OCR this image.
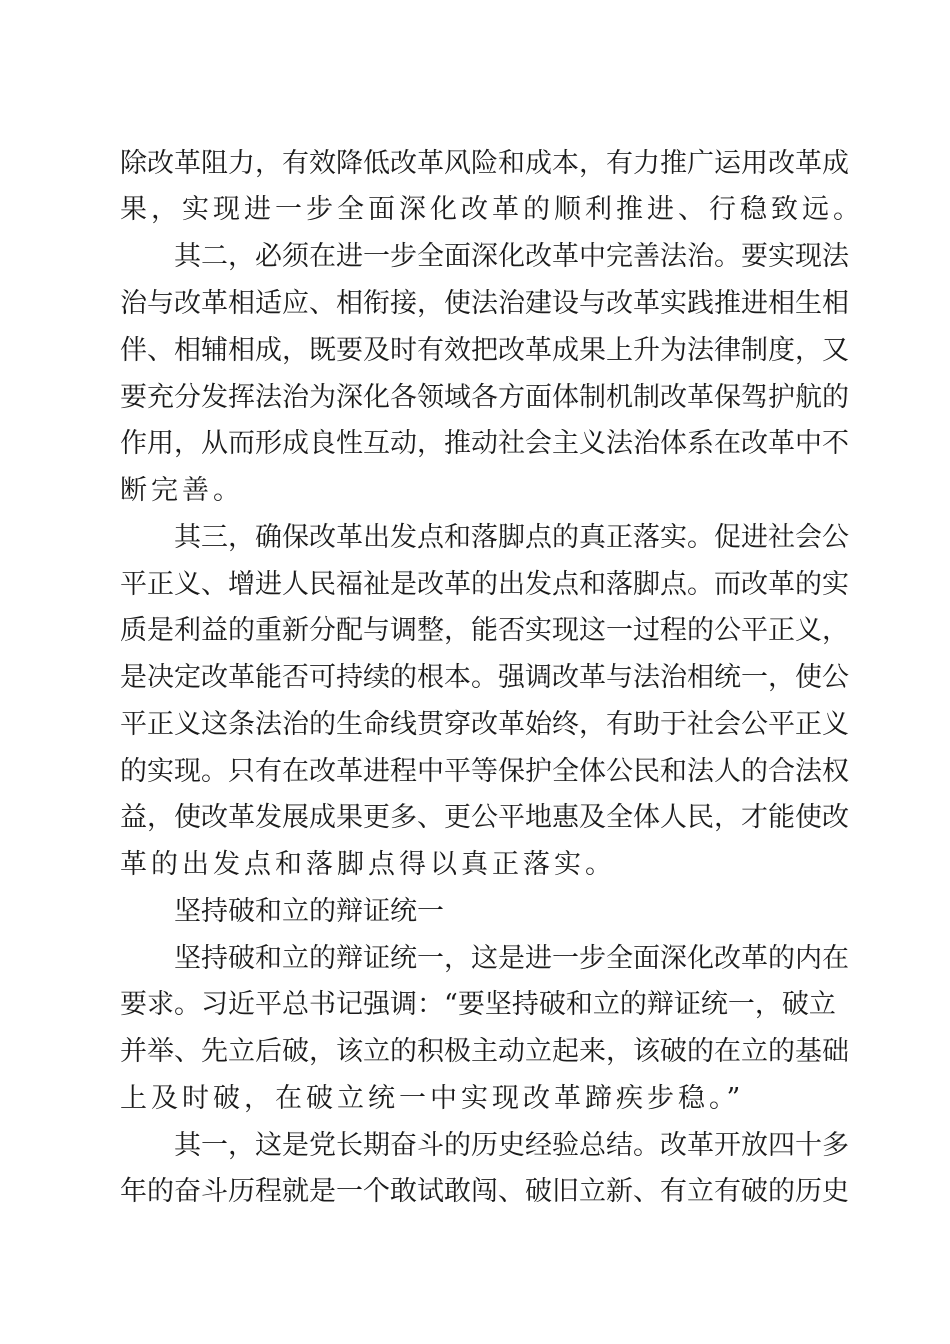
除 改 革 阻 力 ， 有 效 降 低 改 革 风 险 和 成 本 ， 有 力 推 广 运 用 改 革 成
果，实现进一步全面深化改革的顺利推进、行稳致远。
其 二 ， 必 须 在 进 一 步 全 面 深 化 改 革 中 完 善 法 治 。 要 实 现 法
治 与 改 革 相 适 应 、 相 衔 接 ， 使 法 治 建 设 与 改 革 实 践 推 进 相 生 相
伴 、 相 辅 相 成 ， 既 要 及 时 有 效 把 改 革 成 果 上 升 为 法 律 制 度 ， 又
要 充 分 发 挥 法 治 为 深 化 各 领 域 各 方 面 体 制 机 制 改 革 保 驾 护 航 的
作 用 ， 从 而 形 成 良 性 互 动 ， 推 动 社 会 主 义 法 治 体 系 在 改 革 中 不
断完善。
其 三 ， 确 保 改 革 出 发 点 和 落 脚 点 的 真 正 落 实 。 促 进 社 会 公
平 正 义 、 增 进 人 民 福 祉 是 改 革 的 出 发 点 和 落 脚 点 。 而 改 革 的 实
质 是 利 益 的 重 新 分 配 与 调 整 ， 能 否 实 现 这 一 过 程 的 公 平 正 义 ，
是 决 定 改 革 能 否 可 持 续 的 根 本 。 强 调 改 革 与 法 治 相 统 一 ， 使 公
平 正 义 这 条 法 治 的 生 命 线 贯 穿 改 革 始 终 ， 有 助 于 社 会 公 平 正 义
的 实 现 。 只 有 在 改 革 进 程 中 平 等 保 护 全 体 公 民 和 法 人 的 合 法 权
益 ， 使 改 革 发 展 成 果 更 多 、 更 公 平 地 惠 及 全 体 人 民 ， 才 能 使 改
革的出发点和落脚点得以真正落实。
坚持破和立的辩证统一
坚 持 破 和 立 的 辩 证 统 一 ， 这 是 进 一 步 全 面 深 化 改 革 的 内 在
要 求 。 习 近 平 总 书 记 强 调 ： “ 要 坚 持 破 和 立 的 辩 证 统 一 ， 破 立
并 举 、 先 立 后 破 ， 该 立 的 积 极 主 动 立 起 来 ， 该 破 的 在 立 的 基 础
上及时破，在破立统一中实现改革蹄疾步稳。”
其 一 ， 这 是 党 长 期 奋 斗 的 历 史 经 验 总 结 。 改 革 开 放 四 十 多
年 的 奋 斗 历 程 就 是 一 个 敢 试 敢 闯 、 破 旧 立 新 、 有 立 有 破 的 历 史
